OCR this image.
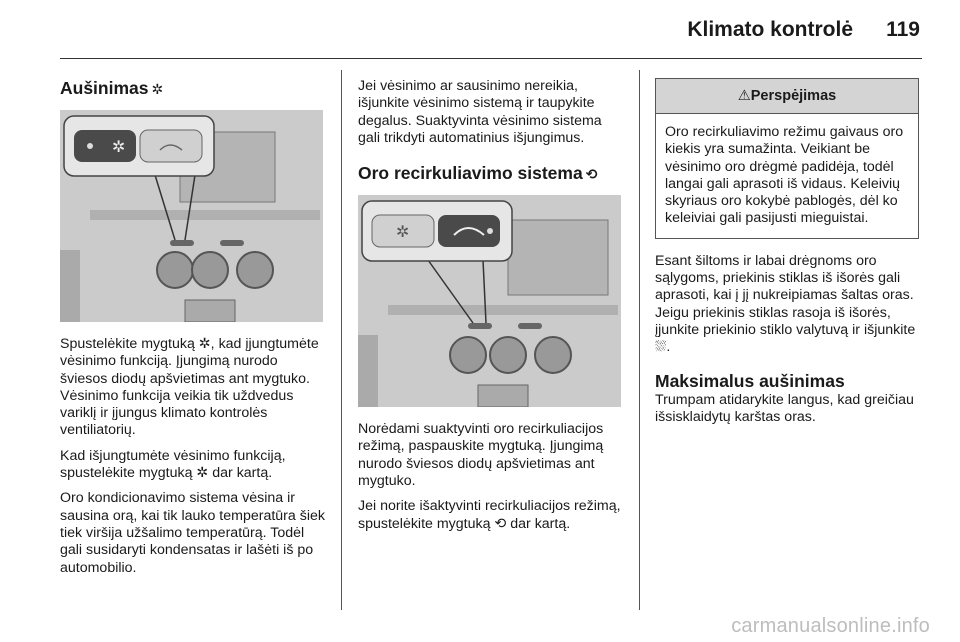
Klimato kontrolė 119
Aušinimas ✲
✲

Spustelėkite mygtuką ✲, kad įjungtumėte vėsinimo funkciją. Įjungimą nurodo šviesos diodų apšvietimas ant mygtuko. Vėsinimo funkcija veikia tik uždvedus variklį ir įjungus klimato kontrolės ventiliatorių.

Kad išjungtumėte vėsinimo funkciją, spustelėkite mygtuką ✲ dar kartą.

Oro kondicionavimo sistema vėsina ir sausina orą, kai tik lauko temperatūra šiek tiek viršija užšalimo temperatūrą. Todėl gali susidaryti kondensatas ir lašėti iš po automobilio.

Jei vėsinimo ar sausinimo nereikia, išjunkite vėsinimo sistemą ir taupykite degalus. Suaktyvinta vėsinimo sistema gali trikdyti automatinius išjungimus.

Oro recirkuliavimo sistema ⟲
✲

Norėdami suaktyvinti oro recirkuliacijos režimą, paspauskite mygtuką. Įjungimą nurodo šviesos diodų apšvietimas ant mygtuko.

Jei norite išaktyvinti recirkuliacijos režimą, spustelėkite mygtuką ⟲ dar kartą.

⚠Perspėjimas
Oro recirkuliavimo režimu gaivaus oro kiekis yra sumažinta. Veikiant be vėsinimo oro drėgmė padidėja, todėl langai gali aprasoti iš vidaus. Keleivių skyriaus oro kokybė pablogės, dėl ko keleiviai gali pasijusti mieguistai.

Esant šiltoms ir labai drėgnoms oro sąlygoms, priekinis stiklas iš išorės gali aprasoti, kai į jį nukreipiamas šaltas oras. Jeigu priekinis stiklas rasoja iš išorės, įjunkite priekinio stiklo valytuvą ir išjunkite ⛆.

Maksimalus aušinimas

Trumpam atidarykite langus, kad greičiau išsisklaidytų karštas oras.

carmanualsonline.info
